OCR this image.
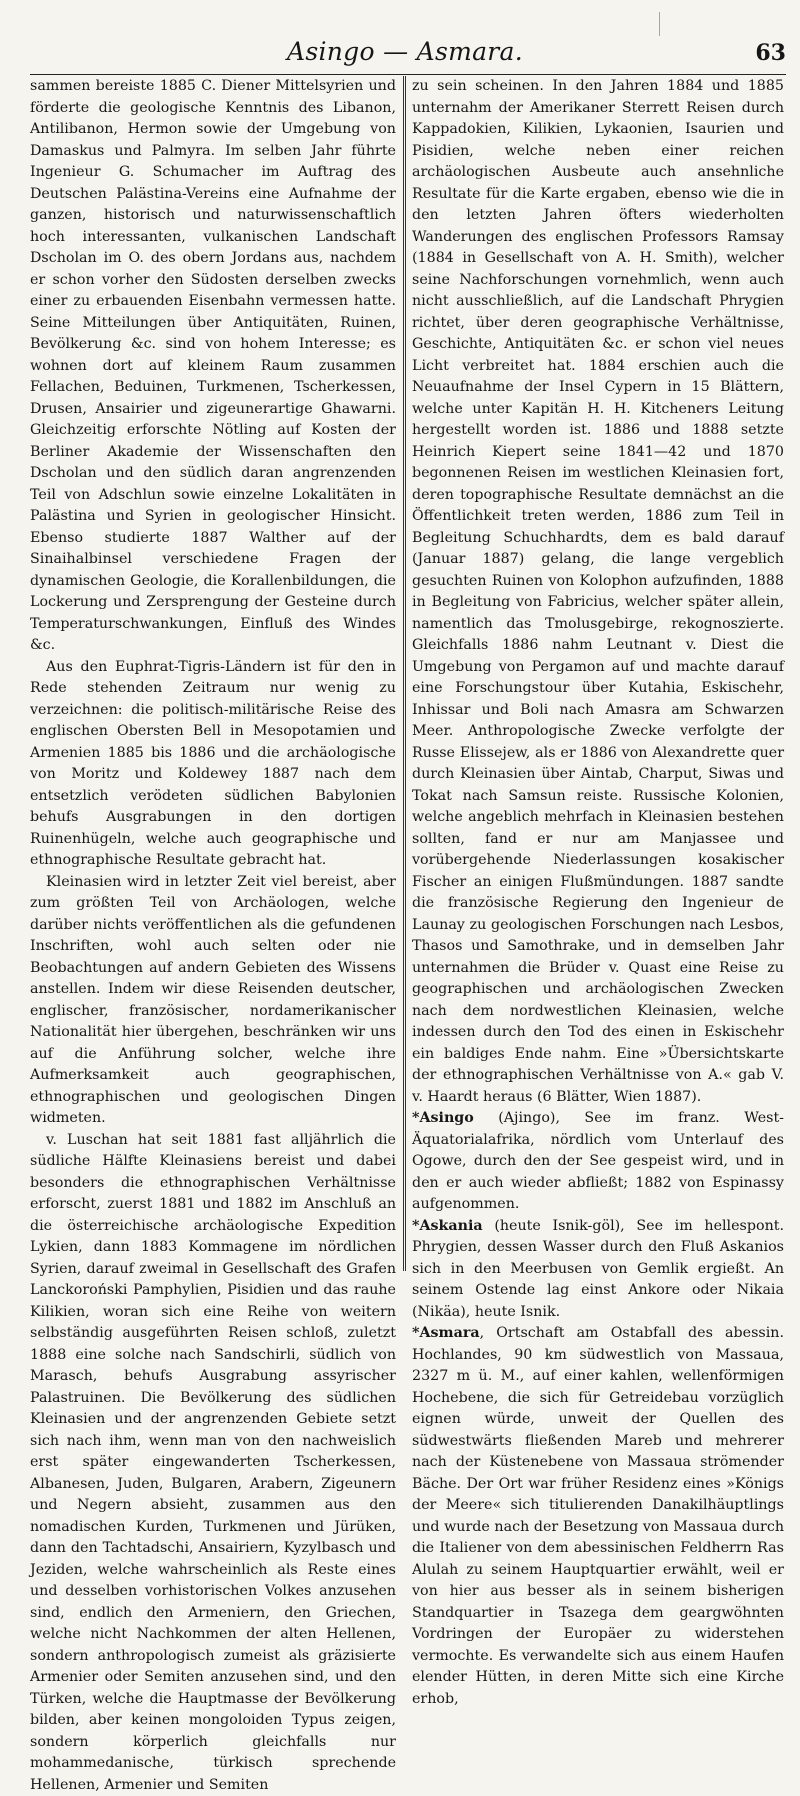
Asingo — Asmara.	63

sammen bereiste 1885 C. Diener Mittelsyrien und förderte die geologische Kenntnis des Libanon, Antilibanon, Hermon sowie der Umgebung von Damaskus und Palmyra. Im selben Jahr führte Ingenieur G. Schumacher im Auftrag des Deutschen Palästina-Vereins eine Aufnahme der ganzen, historisch und naturwissenschaftlich hoch interessanten, vulkanischen Landschaft Dscholan im O. des obern Jordans aus, nachdem er schon vorher den Südosten derselben zwecks einer zu erbauenden Eisenbahn vermessen hatte. Seine Mitteilungen über Antiquitäten, Ruinen, Bevölkerung &c. sind von hohem Interesse; es wohnen dort auf kleinem Raum zusammen Fellachen, Beduinen, Turkmenen, Tscherkessen, Drusen, Ansairier und zigeunerartige Ghawarni. Gleichzeitig erforschte Nötling auf Kosten der Berliner Akademie der Wissenschaften den Dscholan und den südlich daran angrenzenden Teil von Adschlun sowie einzelne Lokalitäten in Palästina und Syrien in geologischer Hinsicht. Ebenso studierte 1887 Walther auf der Sinaihalbinsel verschiedene Fragen der dynamischen Geologie, die Korallenbildungen, die Lockerung und Zersprengung der Gesteine durch Temperaturschwankungen, Einfluß des Windes &c.

Aus den Euphrat-Tigris-Ländern ist für den in Rede stehenden Zeitraum nur wenig zu verzeichnen: die politisch-militärische Reise des englischen Obersten Bell in Mesopotamien und Armenien 1885 bis 1886 und die archäologische von Moritz und Koldewey 1887 nach dem entsetzlich verödeten südlichen Babylonien behufs Ausgrabungen in den dortigen Ruinenhügeln, welche auch geographische und ethnographische Resultate gebracht hat.

Kleinasien wird in letzter Zeit viel bereist, aber zum größten Teil von Archäologen, welche darüber nichts veröffentlichen als die gefundenen Inschriften, wohl auch selten oder nie Beobachtungen auf andern Gebieten des Wissens anstellen. Indem wir diese Reisenden deutscher, englischer, französischer, nordamerikanischer Nationalität hier übergehen, beschränken wir uns auf die Anführung solcher, welche ihre Aufmerksamkeit auch geographischen, ethnographischen und geologischen Dingen widmeten.

v. Luschan hat seit 1881 fast alljährlich die südliche Hälfte Kleinasiens bereist und dabei besonders die ethnographischen Verhältnisse erforscht, zuerst 1881 und 1882 im Anschluß an die österreichische archäologische Expedition Lykien, dann 1883 Kommagene im nördlichen Syrien, darauf zweimal in Gesellschaft des Grafen Lanckoroński Pamphylien, Pisidien und das rauhe Kilikien, woran sich eine Reihe von weitern selbständig ausgeführten Reisen schloß, zuletzt 1888 eine solche nach Sandschirli, südlich von Marasch, behufs Ausgrabung assyrischer Palastruinen. Die Bevölkerung des südlichen Kleinasien und der angrenzenden Gebiete setzt sich nach ihm, wenn man von den nachweislich erst später eingewanderten Tscherkessen, Albanesen, Juden, Bulgaren, Arabern, Zigeunern und Negern absieht, zusammen aus den nomadischen Kurden, Turkmenen und Jürüken, dann den Tachtadschi, Ansairiern, Kyzylbasch und Jeziden, welche wahrscheinlich als Reste eines und desselben vorhistorischen Volkes anzusehen sind, endlich den Armeniern, den Griechen, welche nicht Nachkommen der alten Hellenen, sondern anthropologisch zumeist als gräzisierte Armenier oder Semiten anzusehen sind, und den Türken, welche die Hauptmasse der Bevölkerung bilden, aber keinen mongoloiden Typus zeigen, sondern körperlich gleichfalls nur mohammedanische, türkisch sprechende Hellenen, Armenier und Semiten

zu sein scheinen. In den Jahren 1884 und 1885 unternahm der Amerikaner Sterrett Reisen durch Kappadokien, Kilikien, Lykaonien, Isaurien und Pisidien, welche neben einer reichen archäologischen Ausbeute auch ansehnliche Resultate für die Karte ergaben, ebenso wie die in den letzten Jahren öfters wiederholten Wanderungen des englischen Professors Ramsay (1884 in Gesellschaft von A. H. Smith), welcher seine Nachforschungen vornehmlich, wenn auch nicht ausschließlich, auf die Landschaft Phrygien richtet, über deren geographische Verhältnisse, Geschichte, Antiquitäten &c. er schon viel neues Licht verbreitet hat. 1884 erschien auch die Neuaufnahme der Insel Cypern in 15 Blättern, welche unter Kapitän H. H. Kitcheners Leitung hergestellt worden ist. 1886 und 1888 setzte Heinrich Kiepert seine 1841—42 und 1870 begonnenen Reisen im westlichen Kleinasien fort, deren topographische Resultate demnächst an die Öffentlichkeit treten werden, 1886 zum Teil in Begleitung Schuchhardts, dem es bald darauf (Januar 1887) gelang, die lange vergeblich gesuchten Ruinen von Kolophon aufzufinden, 1888 in Begleitung von Fabricius, welcher später allein, namentlich das Tmolusgebirge, rekognoszierte. Gleichfalls 1886 nahm Leutnant v. Diest die Umgebung von Pergamon auf und machte darauf eine Forschungstour über Kutahia, Eskischehr, Inhissar und Boli nach Amasra am Schwarzen Meer. Anthropologische Zwecke verfolgte der Russe Elissejew, als er 1886 von Alexandrette quer durch Kleinasien über Aintab, Charput, Siwas und Tokat nach Samsun reiste. Russische Kolonien, welche angeblich mehrfach in Kleinasien bestehen sollten, fand er nur am Manjassee und vorübergehende Niederlassungen kosakischer Fischer an einigen Flußmündungen. 1887 sandte die französische Regierung den Ingenieur de Launay zu geologischen Forschungen nach Lesbos, Thasos und Samothrake, und in demselben Jahr unternahmen die Brüder v. Quast eine Reise zu geographischen und archäologischen Zwecken nach dem nordwestlichen Kleinasien, welche indessen durch den Tod des einen in Eskischehr ein baldiges Ende nahm. Eine »Übersichtskarte der ethnographischen Verhältnisse von A.« gab V. v. Haardt heraus (6 Blätter, Wien 1887).

*Asingo (Ajingo), See im franz. West-Äquatorialafrika, nördlich vom Unterlauf des Ogowe, durch den der See gespeist wird, und in den er auch wieder abfließt; 1882 von Espinassy aufgenommen.

*Askania (heute Isnik-göl), See im hellespont. Phrygien, dessen Wasser durch den Fluß Askanios sich in den Meerbusen von Gemlik ergießt. An seinem Ostende lag einst Ankore oder Nikaia (Nikäa), heute Isnik.

*Asmara, Ortschaft am Ostabfall des abessin. Hochlandes, 90 km südwestlich von Massaua, 2327 m ü. M., auf einer kahlen, wellenförmigen Hochebene, die sich für Getreidebau vorzüglich eignen würde, unweit der Quellen des südwestwärts fließenden Mareb und mehrerer nach der Küstenebene von Massaua strömender Bäche. Der Ort war früher Residenz eines »Königs der Meere« sich titulierenden Danakilhäuptlings und wurde nach der Besetzung von Massaua durch die Italiener von dem abessinischen Feldherrn Ras Alulah zu seinem Hauptquartier erwählt, weil er von hier aus besser als in seinem bisherigen Standquartier in Tsazega dem geargwöhnten Vordringen der Europäer zu widerstehen vermochte. Es verwandelte sich aus einem Haufen elender Hütten, in deren Mitte sich eine Kirche erhob,
